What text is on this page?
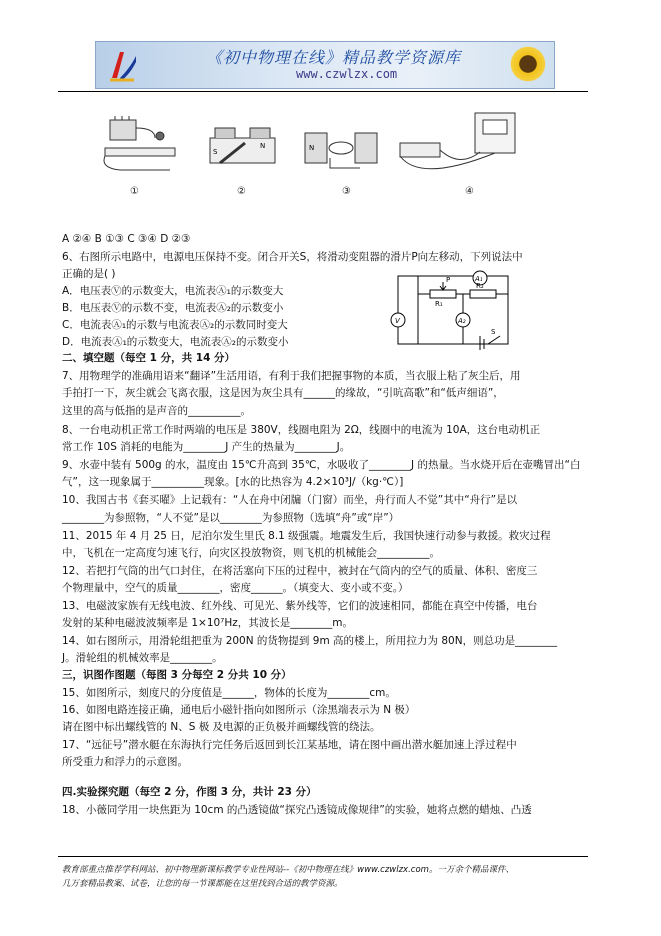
《初中物理在线》精品教学资源库
www.czwlzx.com
S
N	N
①	②	③	④
A ②④ B ①③ C ③④ D ②③
6、右图所示电路中，电源电压保持不变。闭合开关S，将滑动变阻器的滑片P向左移动，下列说法中
正确的是( )
A．电压表Ⓥ的示数变大，电流表Ⓐ₁的示数变大
B．电压表Ⓥ的示数不变，电流表Ⓐ₂的示数变小
C．电流表Ⓐ₁的示数与电流表Ⓐ₂的示数同时变大
D．电流表Ⓐ₁的示数变大，电流表Ⓐ₂的示数变小
二、填空题（每空 1 分，共 14 分）
7、用物理学的准确用语来“翻译”生活用语，有利于我们把握事物的本质，当衣服上粘了灰尘后，用
手拍打一下，灰尘就会飞离衣服，这是因为灰尘具有______的缘故，“引吭高歌”和“低声细语”，
这里的高与低指的是声音的__________。
8、一台电动机正常工作时两端的电压是 380V，线圈电阻为 2Ω，线圈中的电流为 10A，这台电动机正
常工作 10S 消耗的电能为________J 产生的热量为________J。
9、水壶中装有 500g 的水，温度由 15℃升高到 35℃，水吸收了________J 的热量。当水烧开后在壶嘴冒出“白
气”，这一现象属于__________现象。[水的比热容为 4.2×10³J/（kg·℃）]
10、我国古书《套买曜》上记载有：“人在舟中闭牖（门窗）而坐，舟行而人不觉”其中“舟行”是以
________为参照物，“人不觉”是以________为参照物（选填“舟”或“岸”）
11、2015 年 4 月 25 日，尼泊尔发生里氏 8.1 级强震。地震发生后，我国快速行动参与救援。救灾过程
中，飞机在一定高度匀速飞行，向灾区投放物资，则飞机的机械能会__________。
12、若把打气筒的出气口封住，在将活塞向下压的过程中，被封在气筒内的空气的质量、体积、密度三
个物理量中，空气的质量________，密度______。（填变大、变小或不变。）
13、电磁波家族有无线电波、红外线、可见光、紫外线等，它们的波速相同，都能在真空中传播，电台
发射的某种电磁波波频率是 1×10⁷Hz，其波长是________m。
14、如右图所示，用滑轮组把重为 200N 的货物提到 9m 高的楼上，所用拉力为 80N，则总功是________
J。滑轮组的机械效率是________。
三，识图作图题（每图 3 分每空 2 分共 10 分）
15、如图所示，刻度尺的分度值是______，物体的长度为________cm。
16、如图电路连接正确，通电后小磁针指向如图所示（涂黑端表示为 N 极）
请在图中标出螺线管的 N、S 极 及电源的正负极并画螺线管的绕法。
17、“远征号”潜水艇在东海执行完任务后返回到长江某基地，请在图中画出潜水艇加速上浮过程中
所受重力和浮力的示意图。
四.实验探究题（每空 2 分，作图 3 分，共计 23 分）
18、小薇同学用一块焦距为 10cm 的凸透镜做“探究凸透镜成像规律”的实验，她将点燃的蜡烛、凸透
A₁
A₂
V
R₁
R₂
P
S
教育部重点推荐学科网站、初中物理新课标教学专业性网站--《初中物理在线》www.czwlzx.com。一万余个精品课件、
几万套精品教案、试卷，让您的每一节课都能在这里找到合适的教学资源。
